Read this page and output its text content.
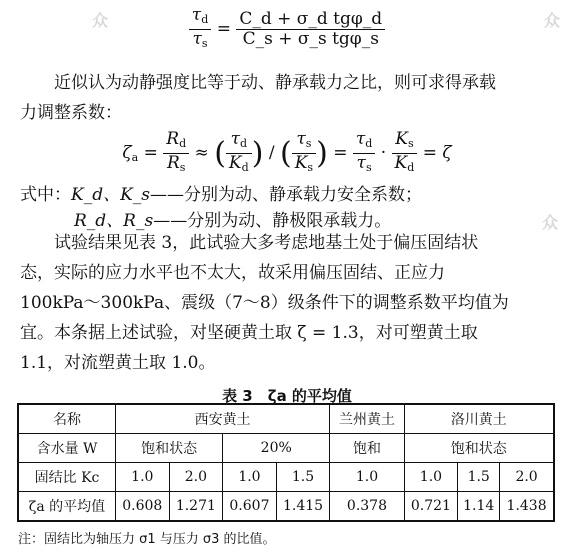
众	众
众
$\frac{\tau_d}{\tau_s} = \frac{\text{C\_d + σ\_d tgφ\_d}}{\text{C\_s + σ\_s tgφ\_s}}$
近似认为动静强度比等于动、静承载力之比，则可求得承载
力调整系数：
$\zeta_a = \frac{R_d}{R_s}$ ≈ ( $\frac{\tau_d}{K_d}$ ) / ( $\frac{\tau_s}{K_s}$ ) = $\frac{\tau_d}{\tau_s} \cdot \frac{K_s}{K_d} = \zeta$
式中：K_d、K_s——分别为动、静承载力安全系数；
R_d、R_s——分别为动、静极限承载力。
试验结果见表 3，此试验大多考虑地基土处于偏压固结状
态，实际的应力水平也不太大，故采用偏压固结、正应力
100kPa～300kPa、震级（7～8）级条件下的调整系数平均值为
宜。本条据上述试验，对坚硬黄土取 ζ = 1.3，对可塑黄土取
1.1，对流塑黄土取 1.0。
表 3　ζa 的平均值
名称	西安黄土				兰州黄土	洛川黄土		
含水量 W	饱和状态		20%		饱和	饱和状态		
固结比 Kc	1.0	2.0	1.0	1.5	1.0	1.0	1.5	2.0
ζa 的平均值	0.608	1.271	0.607	1.415	0.378	0.721	1.14	1.438
注：固结比为轴压力 σ1 与压力 σ3 的比值。
